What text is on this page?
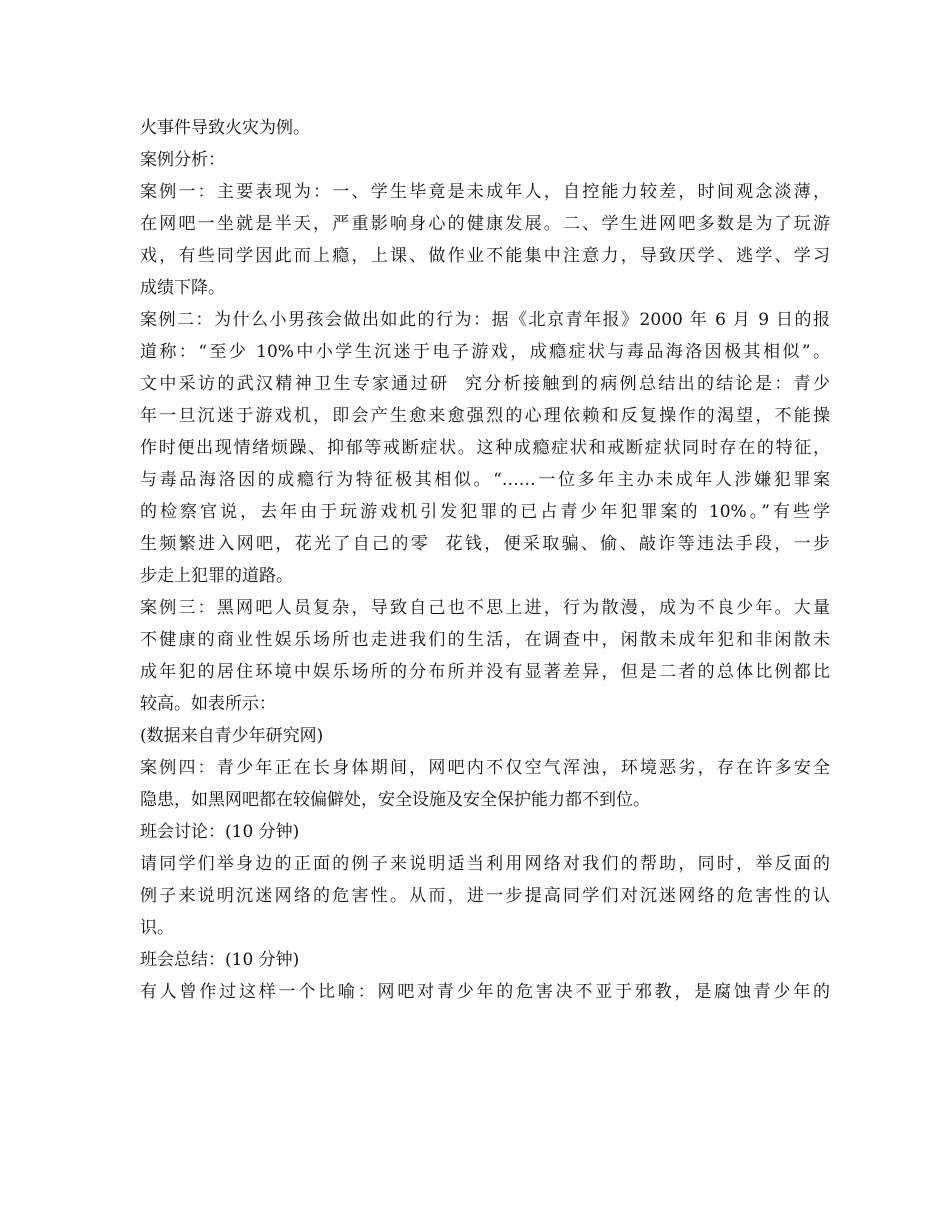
火事件导致火灾为例。
案例分析：
案例一：主要表现为：一、学生毕竟是未成年人，自控能力较差，时间观念淡薄，
在网吧一坐就是半天，严重影响身心的健康发展。二、学生进网吧多数是为了玩游
戏，有些同学因此而上瘾，上课、做作业不能集中注意力，导致厌学、逃学、学习
成绩下降。
案例二：为什么小男孩会做出如此的行为：据《北京青年报》2000 年 6 月 9 日的报
道称：“至少 10%中小学生沉迷于电子游戏，成瘾症状与毒品海洛因极其相似”。
文中采访的武汉精神卫生专家通过研  究分析接触到的病例总结出的结论是：青少
年一旦沉迷于游戏机，即会产生愈来愈强烈的心理依赖和反复操作的渴望，不能操
作时便出现情绪烦躁、抑郁等戒断症状。这种成瘾症状和戒断症状同时存在的特征，
与毒品海洛因的成瘾行为特征极其相似。“……一位多年主办未成年人涉嫌犯罪案
的检察官说，去年由于玩游戏机引发犯罪的已占青少年犯罪案的 10%。”有些学
生频繁进入网吧，花光了自己的零  花钱，便采取骗、偷、敲诈等违法手段，一步
步走上犯罪的道路。
案例三：黑网吧人员复杂，导致自己也不思上进，行为散漫，成为不良少年。大量
不健康的商业性娱乐场所也走进我们的生活，在调查中，闲散未成年犯和非闲散未
成年犯的居住环境中娱乐场所的分布所并没有显著差异，但是二者的总体比例都比
较高。如表所示：
(数据来自青少年研究网)
案例四：青少年正在长身体期间，网吧内不仅空气浑浊，环境恶劣，存在许多安全
隐患，如黑网吧都在较偏僻处，安全设施及安全保护能力都不到位。
班会讨论：(10 分钟)
请同学们举身边的正面的例子来说明适当利用网络对我们的帮助，同时，举反面的
例子来说明沉迷网络的危害性。从而，进一步提高同学们对沉迷网络的危害性的认
识。
班会总结：(10 分钟)
有人曾作过这样一个比喻：网吧对青少年的危害决不亚于邪教，是腐蚀青少年的
